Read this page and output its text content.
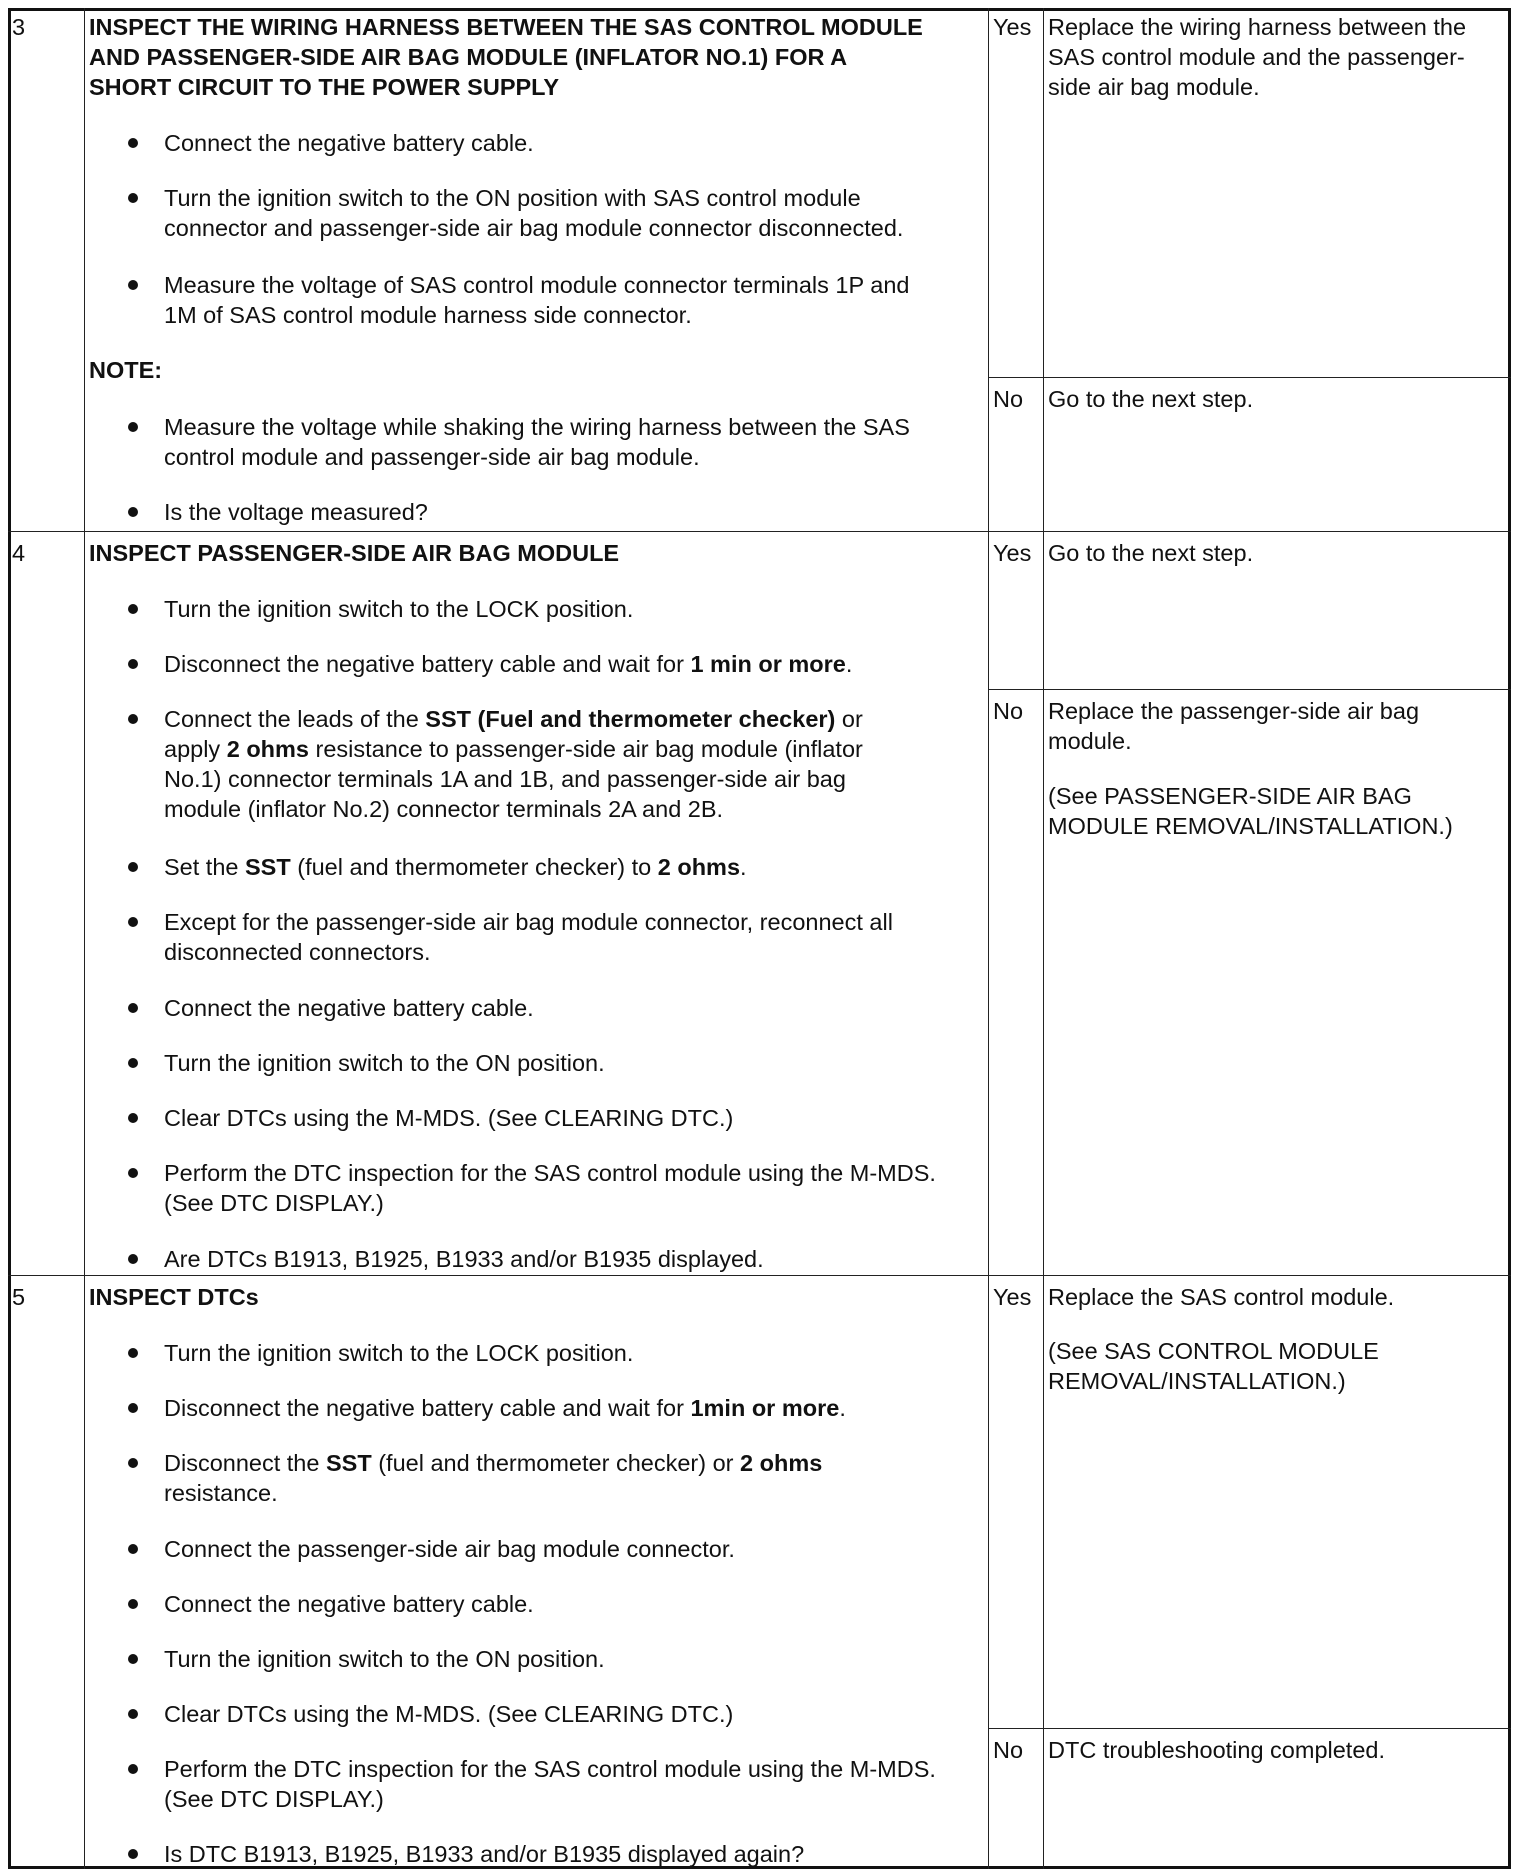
3	INSPECT THE WIRING HARNESS BETWEEN THE SAS CONTROL MODULE
AND PASSENGER-SIDE AIR BAG MODULE (INFLATOR NO.1) FOR A
SHORT CIRCUIT TO THE POWER SUPPLY
Connect the negative battery cable.
Turn the ignition switch to the ON position with SAS control module connector and passenger-side air bag module connector disconnected.
Measure the voltage of SAS control module connector terminals 1P and 1M of SAS control module harness side connector.
NOTE:
Measure the voltage while shaking the wiring harness between the SAS control module and passenger-side air bag module.
Is the voltage measured?
Yes Replace the wiring harness between the SAS control module and the passenger-side air bag module.
No Go to the next step.
4	INSPECT PASSENGER-SIDE AIR BAG MODULE
Turn the ignition switch to the LOCK position.
Disconnect the negative battery cable and wait for 1 min or more.
Connect the leads of the SST (Fuel and thermometer checker) or
apply 2 ohms resistance to passenger-side air bag module (inflator
No.1) connector terminals 1A and 1B, and passenger-side air bag
module (inflator No.2) connector terminals 2A and 2B.
Set the SST (fuel and thermometer checker) to 2 ohms.
Except for the passenger-side air bag module connector, reconnect all disconnected connectors.
Connect the negative battery cable.
Turn the ignition switch to the ON position.
Clear DTCs using the M-MDS. (See CLEARING DTC.)
Perform the DTC inspection for the SAS control module using the M-MDS. (See DTC DISPLAY.)
Are DTCs B1913, B1925, B1933 and/or B1935 displayed.
Yes Go to the next step.
No Replace the passenger-side air bag module.
(See PASSENGER-SIDE AIR BAG MODULE REMOVAL/INSTALLATION.)
5	INSPECT DTCs
Turn the ignition switch to the LOCK position.
Disconnect the negative battery cable and wait for 1min or more.
Disconnect the SST (fuel and thermometer checker) or 2 ohms
resistance.
Connect the passenger-side air bag module connector.
Connect the negative battery cable.
Turn the ignition switch to the ON position.
Clear DTCs using the M-MDS. (See CLEARING DTC.)
Perform the DTC inspection for the SAS control module using the M-MDS. (See DTC DISPLAY.)
Is DTC B1913, B1925, B1933 and/or B1935 displayed again?
Yes Replace the SAS control module.
(See SAS CONTROL MODULE REMOVAL/INSTALLATION.)
No DTC troubleshooting completed.
